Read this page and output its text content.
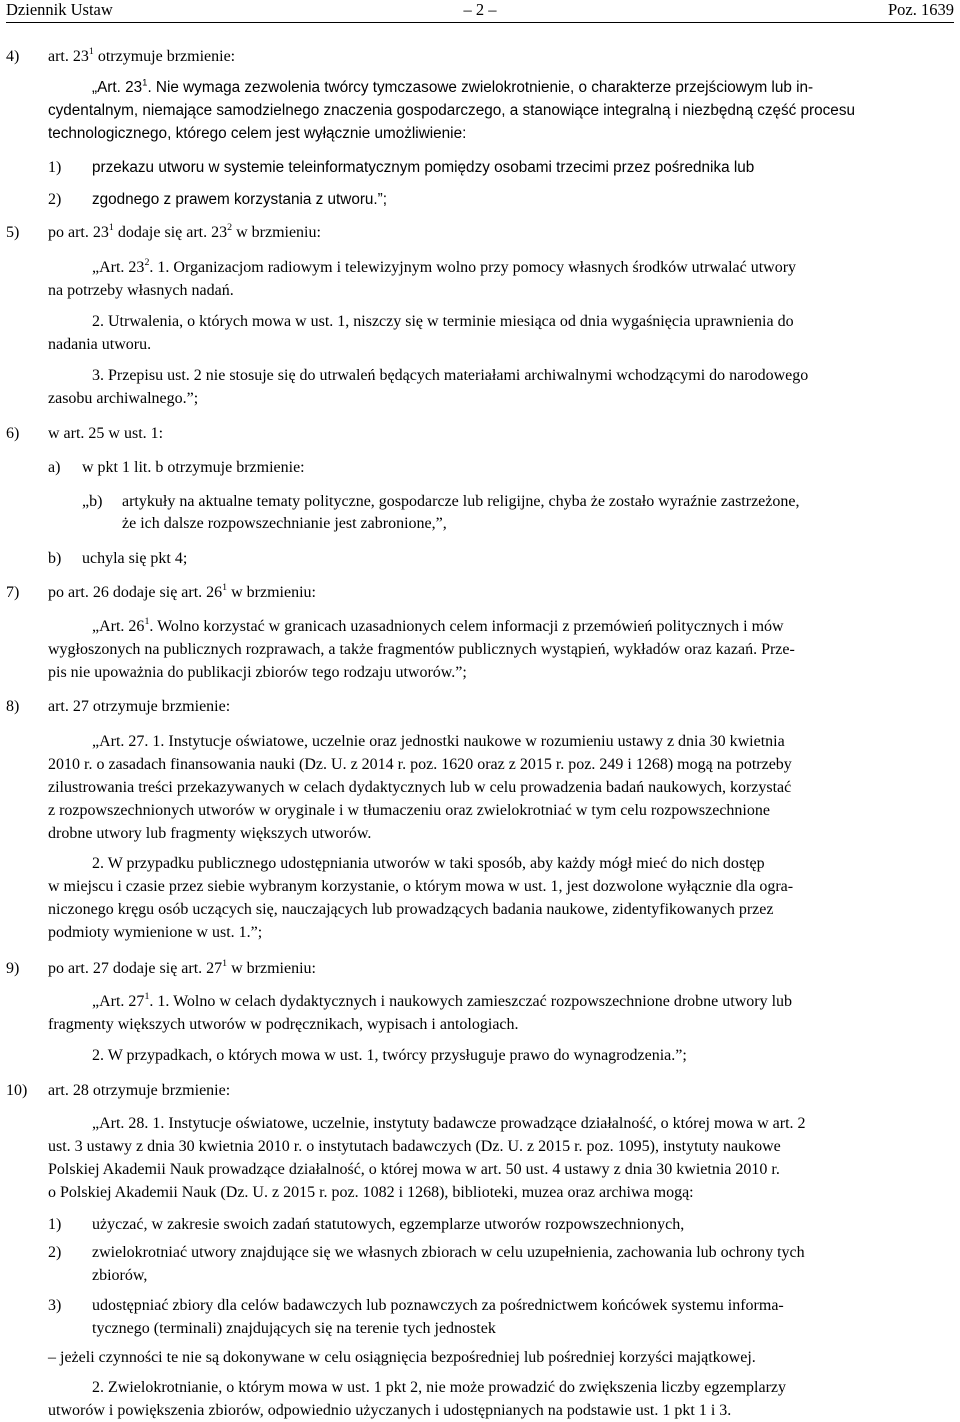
Dziennik Ustaw	– 2 –	Poz. 1639
4) art. $23^1$ otrzymuje brzmienie:
„Art. $23^1$. Nie wymaga zezwolenia twórcy tymczasowe zwielokrotnienie, o charakterze przejściowym lub in-
cydentalnym, niemające samodzielnego znaczenia gospodarczego, a stanowiące integralną i niezbędną część procesu
technologicznego, którego celem jest wyłącznie umożliwienie:
1) przekazu utworu w systemie teleinformatycznym pomiędzy osobami trzecimi przez pośrednika lub
2) zgodnego z prawem korzystania z utworu.”;
5) po art. $23^1$ dodaje się art. $23^2$ w brzmieniu:
„Art. $23^2$. 1. Organizacjom radiowym i telewizyjnym wolno przy pomocy własnych środków utrwalać utwory
na potrzeby własnych nadań.
2. Utrwalenia, o których mowa w ust. 1, niszczy się w terminie miesiąca od dnia wygaśnięcia uprawnienia do
nadania utworu.
3. Przepisu ust. 2 nie stosuje się do utrwaleń będących materiałami archiwalnymi wchodzącymi do narodowego
zasobu archiwalnego.”;
6) w art. 25 w ust. 1:
a) w pkt 1 lit. b otrzymuje brzmienie:
„b) artykuły na aktualne tematy polityczne, gospodarcze lub religijne, chyba że zostało wyraźnie zastrzeżone,
że ich dalsze rozpowszechnianie jest zabronione,”,
b) uchyla się pkt 4;
7) po art. 26 dodaje się art. $26^1$ w brzmieniu:
„Art. $26^1$. Wolno korzystać w granicach uzasadnionych celem informacji z przemówień politycznych i mów
wygłoszonych na publicznych rozprawach, a także fragmentów publicznych wystąpień, wykładów oraz kazań. Prze-
pis nie upoważnia do publikacji zbiorów tego rodzaju utworów.”;
8) art. 27 otrzymuje brzmienie:
„Art. 27. 1. Instytucje oświatowe, uczelnie oraz jednostki naukowe w rozumieniu ustawy z dnia 30 kwietnia
2010 r. o zasadach finansowania nauki (Dz. U. z 2014 r. poz. 1620 oraz z 2015 r. poz. 249 i 1268) mogą na potrzeby
zilustrowania treści przekazywanych w celach dydaktycznych lub w celu prowadzenia badań naukowych, korzystać
z rozpowszechnionych utworów w oryginale i w tłumaczeniu oraz zwielokrotniać w tym celu rozpowszechnione
drobne utwory lub fragmenty większych utworów.
2. W przypadku publicznego udostępniania utworów w taki sposób, aby każdy mógł mieć do nich dostęp
w miejscu i czasie przez siebie wybranym korzystanie, o którym mowa w ust. 1, jest dozwolone wyłącznie dla ogra-
niczonego kręgu osób uczących się, nauczających lub prowadzących badania naukowe, zidentyfikowanych przez
podmioty wymienione w ust. 1.”;
9) po art. 27 dodaje się art. $27^1$ w brzmieniu:
„Art. $27^1$. 1. Wolno w celach dydaktycznych i naukowych zamieszczać rozpowszechnione drobne utwory lub
fragmenty większych utworów w podręcznikach, wypisach i antologiach.
2. W przypadkach, o których mowa w ust. 1, twórcy przysługuje prawo do wynagrodzenia.”;
10) art. 28 otrzymuje brzmienie:
„Art. 28. 1. Instytucje oświatowe, uczelnie, instytuty badawcze prowadzące działalność, o której mowa w art. 2
ust. 3 ustawy z dnia 30 kwietnia 2010 r. o instytutach badawczych (Dz. U. z 2015 r. poz. 1095), instytuty naukowe
Polskiej Akademii Nauk prowadzące działalność, o której mowa w art. 50 ust. 4 ustawy z dnia 30 kwietnia 2010 r.
o Polskiej Akademii Nauk (Dz. U. z 2015 r. poz. 1082 i 1268), biblioteki, muzea oraz archiwa mogą:
1) użyczać, w zakresie swoich zadań statutowych, egzemplarze utworów rozpowszechnionych,
2) zwielokrotniać utwory znajdujące się we własnych zbiorach w celu uzupełnienia, zachowania lub ochrony tych
zbiorów,
3) udostępniać zbiory dla celów badawczych lub poznawczych za pośrednictwem końcówek systemu informa-
tycznego (terminali) znajdujących się na terenie tych jednostek
– jeżeli czynności te nie są dokonywane w celu osiągnięcia bezpośredniej lub pośredniej korzyści majątkowej.
2. Zwielokrotnianie, o którym mowa w ust. 1 pkt 2, nie może prowadzić do zwiększenia liczby egzemplarzy
utworów i powiększenia zbiorów, odpowiednio użyczanych i udostępnianych na podstawie ust. 1 pkt 1 i 3.
